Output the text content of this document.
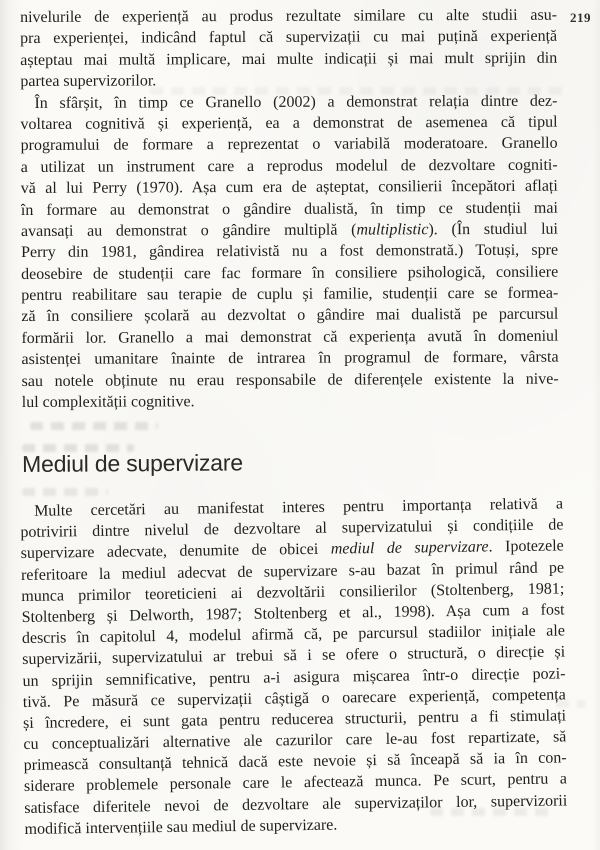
219
nivelurile de experiență au produs rezultate similare cu alte studii asu-
pra experienței, indicând faptul că supervizații cu mai puțină experiență
așteptau mai multă implicare, mai multe indicații și mai mult sprijin din
partea supervizorilor.
În sfârșit, în timp ce Granello (2002) a demonstrat relația dintre dez-
voltarea cognitivă și experiență, ea a demonstrat de asemenea că tipul
programului de formare a reprezentat o variabilă moderatoare. Granello
a utilizat un instrument care a reprodus modelul de dezvoltare cogniti-
vă al lui Perry (1970). Așa cum era de așteptat, consilierii începători aflați
în formare au demonstrat o gândire dualistă, în timp ce studenții mai
avansați au demonstrat o gândire multiplă (multiplistic). (În studiul lui
Perry din 1981, gândirea relativistă nu a fost demonstrată.) Totuși, spre
deosebire de studenții care fac formare în consiliere psihologică, consiliere
pentru reabilitare sau terapie de cuplu și familie, studenții care se formea-
ză în consiliere școlară au dezvoltat o gândire mai dualistă pe parcursul
formării lor. Granello a mai demonstrat că experiența avută în domeniul
asistenței umanitare înainte de intrarea în programul de formare, vârsta
sau notele obținute nu erau responsabile de diferențele existente la nive-
lul complexității cognitive.
Mediul de supervizare
Multe cercetări au manifestat interes pentru importanța relativă a
potrivirii dintre nivelul de dezvoltare al supervizatului și condițiile de
supervizare adecvate, denumite de obicei mediul de supervizare. Ipotezele
referitoare la mediul adecvat de supervizare s-au bazat în primul rând pe
munca primilor teoreticieni ai dezvoltării consilierilor (Stoltenberg, 1981;
Stoltenberg și Delworth, 1987; Stoltenberg et al., 1998). Așa cum a fost
descris în capitolul 4, modelul afirmă că, pe parcursul stadiilor inițiale ale
supervizării, supervizatului ar trebui să i se ofere o structură, o direcție și
un sprijin semnificative, pentru a-i asigura mișcarea într-o direcție pozi-
tivă. Pe măsură ce supervizații câștigă o oarecare experiență, competența
și încredere, ei sunt gata pentru reducerea structurii, pentru a fi stimulați
cu conceptualizări alternative ale cazurilor care le-au fost repartizate, să
primească consultanță tehnică dacă este nevoie și să înceapă să ia în con-
siderare problemele personale care le afectează munca. Pe scurt, pentru a
satisface diferitele nevoi de dezvoltare ale supervizaților lor, supervizorii
modifică intervențiile sau mediul de supervizare.
